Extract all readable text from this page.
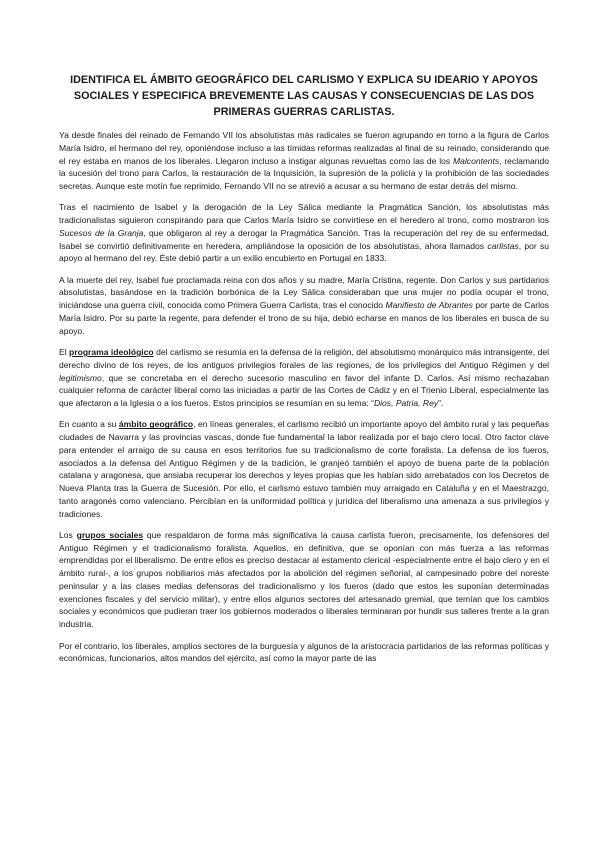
IDENTIFICA EL ÁMBITO GEOGRÁFICO DEL CARLISMO Y EXPLICA SU IDEARIO Y APOYOS SOCIALES Y ESPECIFICA BREVEMENTE LAS CAUSAS Y CONSECUENCIAS DE LAS DOS PRIMERAS GUERRAS CARLISTAS.

Ya desde finales del reinado de Fernando VII los absolutistas más radicales se fueron agrupando en torno a la figura de Carlos María Isidro, el hermano del rey, oponiéndose incluso a las tímidas reformas realizadas al final de su reinado, considerando que el rey estaba en manos de los liberales. Llegaron incluso a instigar algunas revueltas como las de los Malcontents, reclamando la sucesión del trono para Carlos, la restauración de la Inquisición, la supresión de la policía y la prohibición de las sociedades secretas. Aunque este motín fue reprimido, Fernando VII no se atrevió a acusar a su hermano de estar detrás del mismo.

Tras el nacimiento de Isabel y la derogación de la Ley Sálica mediante la Pragmática Sanción, los absolutistas más tradicionalistas siguieron conspirando para que Carlos María Isidro se convirtiese en el heredero al trono, como mostraron los Sucesos de la Granja, que obligaron al rey a derogar la Pragmática Sanción. Tras la recuperación del rey de su enfermedad, Isabel se convirtió definitivamente en heredera, ampliándose la oposición de los absolutistas, ahora llamados carlistas, por su apoyo al hermano del rey. Éste debió partir a un exilio encubierto en Portugal en 1833.

A la muerte del rey, Isabel fue proclamada reina con dos años y su madre, María Cristina, regente. Don Carlos y sus partidarios absolutistas, basándose en la tradición borbónica de la Ley Sálica consideraban que una mujer no podía ocupar el trono, iniciándose una guerra civil, conocida como Primera Guerra Carlista, tras el conocido Manifiesto de Abrantes por parte de Carlos María Isidro. Por su parte la regente, para defender el trono de su hija, debió echarse en manos de los liberales en busca de su apoyo.

El programa ideológico del carlismo se resumía en la defensa de la religión, del absolutismo monárquico más intransigente, del derecho divino de los reyes, de los antiguos privilegios forales de las regiones, de los privilegios del Antiguo Régimen y del legitimismo, que se concretaba en el derecho sucesorio masculino en favor del infante D. Carlos. Así mismo rechazaban cualquier reforma de carácter liberal como las iniciadas a partir de las Cortes de Cádiz y en el Trienio Liberal, especialmente las que afectaron a la Iglesia o a los fueros. Estos principios se resumían en su lema: “Dios, Patria, Rey”.

En cuanto a su ámbito geográfico, en líneas generales, el carlismo recibió un importante apoyo del ámbito rural y las pequeñas ciudades de Navarra y las provincias vascas, donde fue fundamental la labor realizada por el bajo clero local. Otro factor clave para entender el arraigo de su causa en esos territorios fue su tradicionalismo de corte foralista. La defensa de los fueros, asociados a la defensa del Antiguo Régimen y de la tradición, le granjeó también el apoyo de buena parte de la población catalana y aragonesa, que ansiaba recuperar los derechos y leyes propias que les habían sido arrebatados con los Decretos de Nueva Planta tras la Guerra de Sucesión. Por ello, el carlismo estuvo también muy arraigado en Cataluña y en el Maestrazgo, tanto aragonés como valenciano. Percibían en la uniformidad política y jurídica del liberalismo una amenaza a sus privilegios y tradiciones.

Los grupos sociales que respaldaron de forma más significativa la causa carlista fueron, precisamente, los defensores del Antiguo Régimen y el tradicionalismo foralista. Aquellos, en definitiva, que se oponían con más fuerza a las reformas emprendidas por el liberalismo. De entre ellos es preciso destacar al estamento clerical -especialmente entre el bajo clero y en el ámbito rural-, a los grupos nobiliarios más afectados por la abolición del régimen señorial, al campesinado pobre del noreste peninsular y a las clases medias defensoras del tradicionalismo y los fueros (dado que estos les suponían determinadas exenciones fiscales y del servicio militar), y entre ellos algunos sectores del artesanado gremial, que temían que los cambios sociales y económicos que pudieran traer los gobiernos moderados o liberales terminaran por hundir sus talleres frente a la gran industria.

Por el contrario, los liberales, amplios sectores de la burguesía y algunos de la aristocracia partidarios de las reformas políticas y económicas, funcionarios, altos mandos del ejército, así como la mayor parte de las
